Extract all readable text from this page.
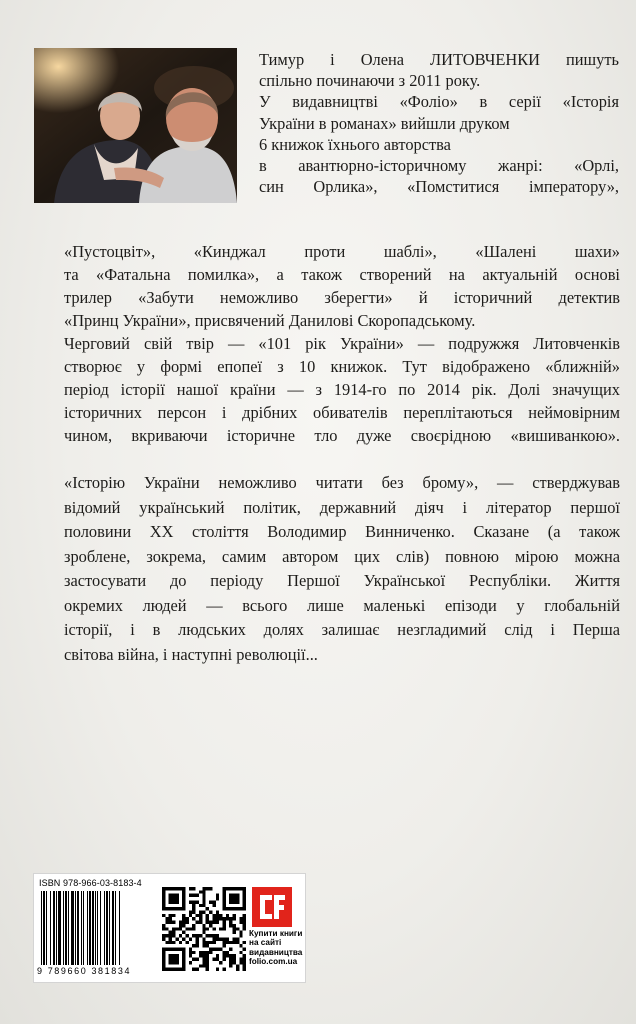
Тимур і Олена ЛИТОВЧЕНКИ пишуть
спільно починаючи з 2011 року.
У видавництві «Фоліо» в серії «Історія
України в романах» вийшли друком
6 книжок їхнього авторства
в авантюрно-історичному жанрі: «Орлі,
син Орлика», «Помститися імператору»,
«Пустоцвіт», «Кинджал проти шаблі», «Шалені шахи»
та «Фатальна помилка», а також створений на актуальній основі
трилер «Забути неможливо зберегти» й історичний детектив
«Принц України», присвячений Данилові Скоропадському.
Черговий свій твір — «101 рік України» — подружжя Литовченків
створює у формі епопеї з 10 книжок. Тут відображено «ближній»
період історії нашої країни — з 1914-го по 2014 рік. Долі значущих
історичних персон і дрібних обивателів переплітаються неймовірним
чином, вкриваючи історичне тло дуже своєрідною «вишиванкою».
«Історію України неможливо читати без брому», — стверджував
відомий український політик, державний діяч і літератор першої
половини ХХ століття Володимир Винниченко. Сказане (а також
зроблене, зокрема, самим автором цих слів) повною мірою можна
застосувати до періоду Першої Української Республіки. Життя
окремих людей — всього лише маленькі епізоди у глобальній
історії, і в людських долях залишає незгладимий слід і Перша
світова війна, і наступні революції...
ISBN 978-966-03-8183-4
9 789660 381834
Купити книги
на сайті
видавництва
folio.com.ua
